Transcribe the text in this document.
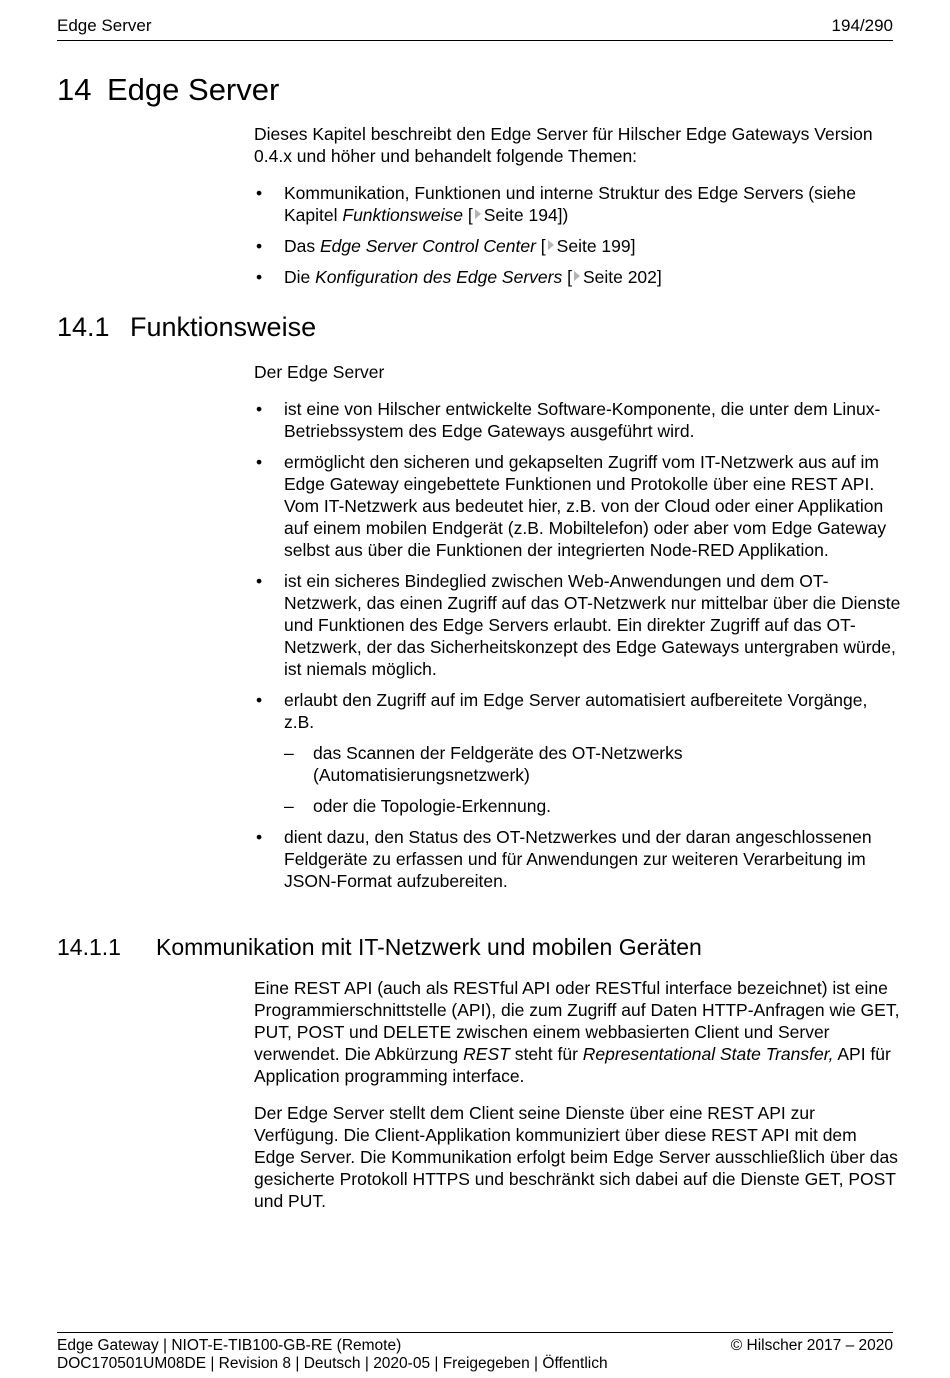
Edge Server	194/290
14 Edge Server

Dieses Kapitel beschreibt den Edge Server für Hilscher Edge Gateways Version 0.4.x und höher und behandelt folgende Themen:

• Kommunikation, Funktionen und interne Struktur des Edge Servers (siehe Kapitel Funktionsweise [ Seite 194])
• Das Edge Server Control Center [ Seite 199]
• Die Konfiguration des Edge Servers [ Seite 202]
14.1 Funktionsweise

Der Edge Server

• ist eine von Hilscher entwickelte Software-Komponente, die unter dem Linux-Betriebssystem des Edge Gateways ausgeführt wird.
• ermöglicht den sicheren und gekapselten Zugriff vom IT-Netzwerk aus auf im Edge Gateway eingebettete Funktionen und Protokolle über eine REST API. Vom IT-Netzwerk aus bedeutet hier, z.B. von der Cloud oder einer Applikation auf einem mobilen Endgerät (z.B. Mobiltelefon) oder aber vom Edge Gateway selbst aus über die Funktionen der integrierten Node-RED Applikation.
• ist ein sicheres Bindeglied zwischen Web-Anwendungen und dem OT-Netzwerk, das einen Zugriff auf das OT-Netzwerk nur mittelbar über die Dienste und Funktionen des Edge Servers erlaubt. Ein direkter Zugriff auf das OT-Netzwerk, der das Sicherheitskonzept des Edge Gateways untergraben würde, ist niemals möglich.
• erlaubt den Zugriff auf im Edge Server automatisiert aufbereitete Vorgänge, z.B.
– das Scannen der Feldgeräte des OT-Netzwerks (Automatisierungsnetzwerk)
– oder die Topologie-Erkennung.
• dient dazu, den Status des OT-Netzwerkes und der daran angeschlossenen Feldgeräte zu erfassen und für Anwendungen zur weiteren Verarbeitung im JSON-Format aufzubereiten.
14.1.1 Kommunikation mit IT-Netzwerk und mobilen Geräten

Eine REST API (auch als RESTful API oder RESTful interface bezeichnet) ist eine Programmierschnittstelle (API), die zum Zugriff auf Daten HTTP-Anfragen wie GET, PUT, POST und DELETE zwischen einem webbasierten Client und Server verwendet. Die Abkürzung REST steht für Representational State Transfer, API für Application programming interface.

Der Edge Server stellt dem Client seine Dienste über eine REST API zur Verfügung. Die Client-Applikation kommuniziert über diese REST API mit dem Edge Server. Die Kommunikation erfolgt beim Edge Server ausschließlich über das gesicherte Protokoll HTTPS und beschränkt sich dabei auf die Dienste GET, POST und PUT.

Edge Gateway | NIOT-E-TIB100-GB-RE (Remote)
DOC170501UM08DE | Revision 8 | Deutsch | 2020-05 | Freigegeben | Öffentlich
© Hilscher 2017 – 2020
